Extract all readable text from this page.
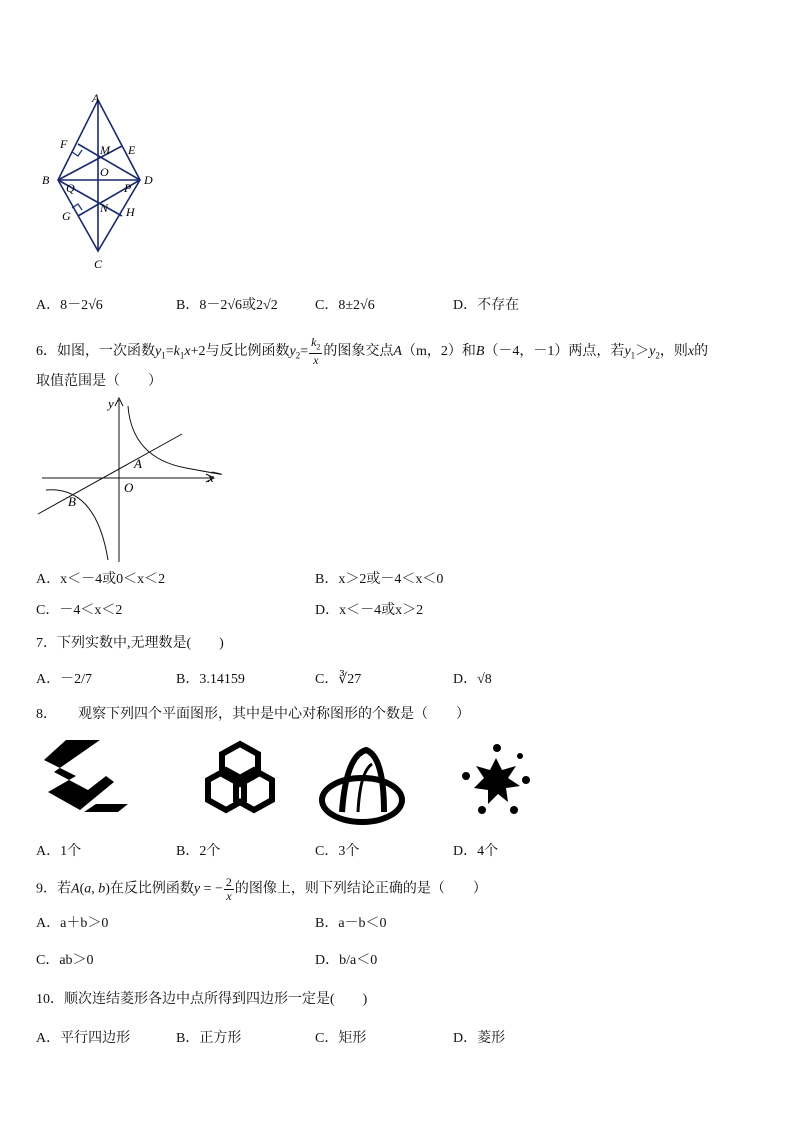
A
F	M E
B
O
D
Q	P
G
N H
C
A．8－2√6	B．8－2√6或2√2	C．8±2√6	D．不存在
6．如图，一次函数$y_1=k_1x+2$与反比例函数$y_2= \frac{k_2}{x}$ 的图象交点A（m，2）和B（－4，－1）两点，若$y_1>y_2$，则x的
取值范围是（　　）
y
x
A
O
B
A．x＜－4或0＜x＜2	B．x＞2或－4＜x＜0
C．－4＜x＜2	D．x＜－4或x＞2
7．下列实数中,无理数是(　　)
A．－2/7	B．3.14159	C．∛27	D．√8
8．　　观察下列四个平面图形，其中是中心对称图形的个数是（　　）
A．1个	B．2个	C．3个	D．4个
9．若A(a, b)在反比例函数y = − $\frac{2}{x}$ 的图像上，则下列结论正确的是（　　）
A．a＋b＞0	B．a－b＜0
C．ab＞0	D．b/a＜0
10．顺次连结菱形各边中点所得到四边形一定是(　　)
A．平行四边形	B．正方形	C．矩形	D．菱形
